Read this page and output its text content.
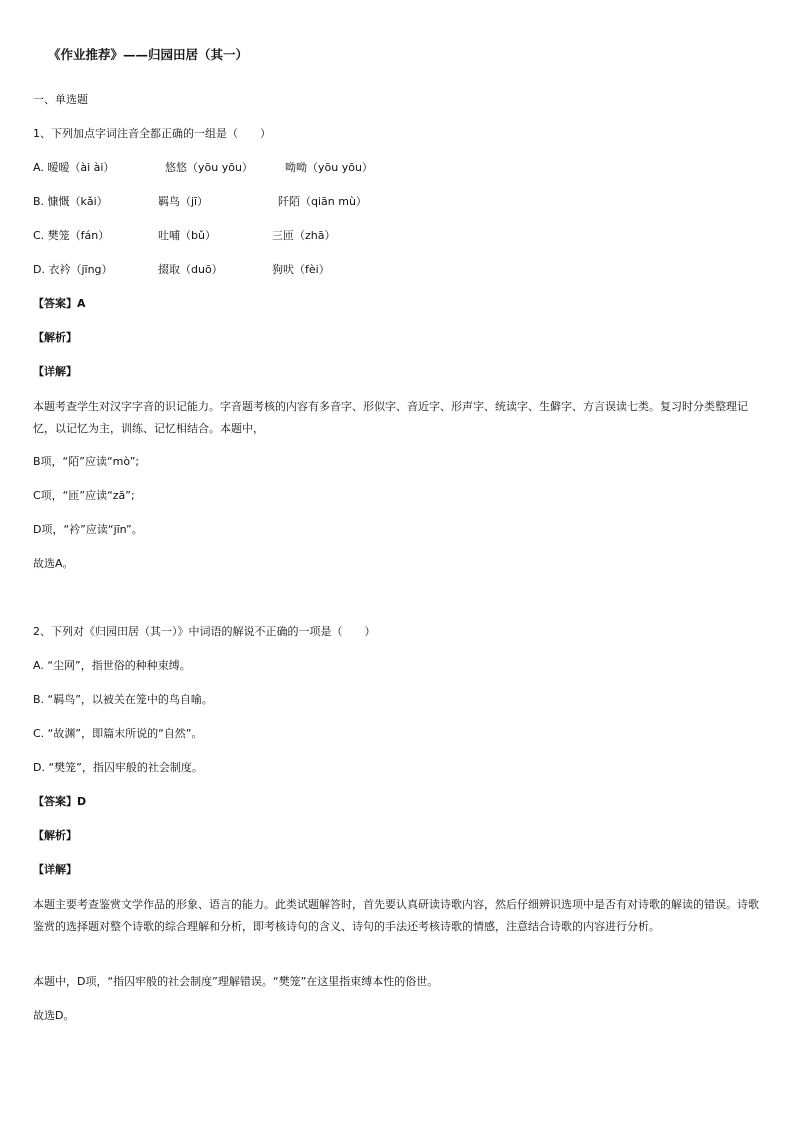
《作业推荐》——归园田居（其一）
一、单选题
1、下列加点字词注音全都正确的一组是（　　）
A. 暧暧（ài ài）	悠悠（yōu yōu）	呦呦（yōu yōu）
B. 慷慨（kǎi）	羁鸟（jī）	阡陌（qiān mù）
C. 樊笼（fán）	吐哺（bǔ）	三匝（zhā）
D. 衣衿（jīng）	掇取（duō）	狗吠（fèi）
【答案】A
【解析】
【详解】
本题考查学生对汉字字音的识记能力。字音题考核的内容有多音字、形似字、音近字、形声字、统读字、生僻字、方言误读七类。复习时分类整理记忆，以记忆为主，训练、记忆相结合。本题中，
B项，“陌”应读“mò”;
C项，“匝”应读“zā”;
D项，“衿”应读“jīn”。
故选A。
2、下列对《归园田居（其一）》中词语的解说不正确的一项是（　　）
A. “尘网”，指世俗的种种束缚。
B. “羁鸟”，以被关在笼中的鸟自喻。
C. “故渊”，即篇末所说的“自然”。
D. “樊笼”，指囚牢般的社会制度。
【答案】D
【解析】
【详解】
本题主要考查鉴赏文学作品的形象、语言的能力。此类试题解答时，首先要认真研读诗歌内容，然后仔细辨识选项中是否有对诗歌的解读的错误。诗歌鉴赏的选择题对整个诗歌的综合理解和分析，即考核诗句的含义、诗句的手法还考核诗歌的情感，注意结合诗歌的内容进行分析。
本题中，D项，“指囚牢般的社会制度”理解错误。“樊笼”在这里指束缚本性的俗世。
故选D。
